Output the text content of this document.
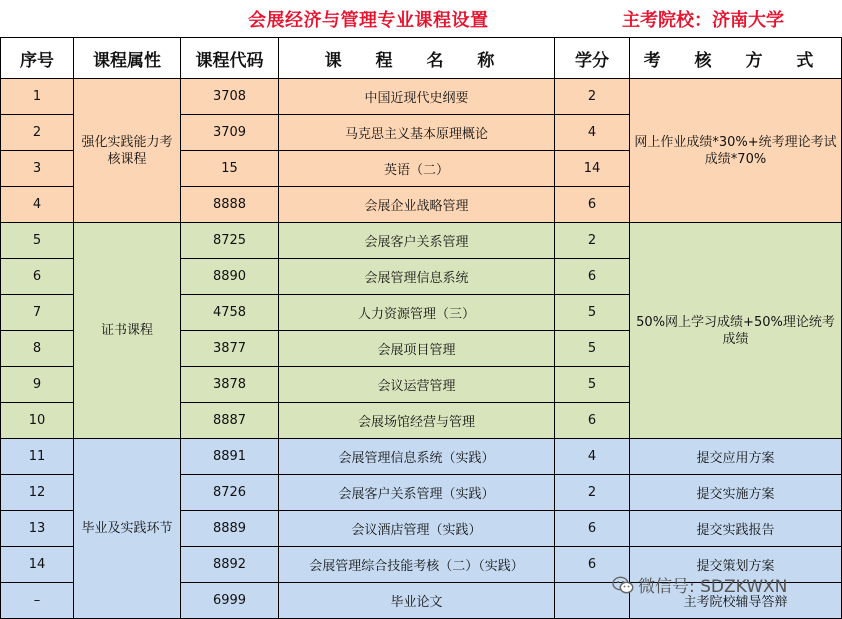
会展经济与管理专业课程设置	主考院校：济南大学
序号	课程属性	课程代码	课 程 名 称	学分	考 核 方 式
1	强化实践能力考核课程	3708	中国近现代史纲要	2	网上作业成绩*30%+统考理论考试成绩*70%
2		3709	马克思主义基本原理概论	4	
3		15	英语（二）	14	
4		8888	会展企业战略管理	6	
5	证书课程	8725	会展客户关系管理	2	50%网上学习成绩+50%理论统考成绩
6		8890	会展管理信息系统	6	
7		4758	人力资源管理（三）	5	
8		3877	会展项目管理	5	
9		3878	会议运营管理	5	
10		8887	会展场馆经营与管理	6	
11	毕业及实践环节	8891	会展管理信息系统（实践）	4	提交应用方案
12		8726	会展客户关系管理（实践）	2	提交实施方案
13		8889	会议酒店管理（实践）	6	提交实践报告
14		8892	会展管理综合技能考核（二）（实践）	6	提交策划方案
–		6999	毕业论文		主考院校辅导答辩
微信号: SDZKWXN
